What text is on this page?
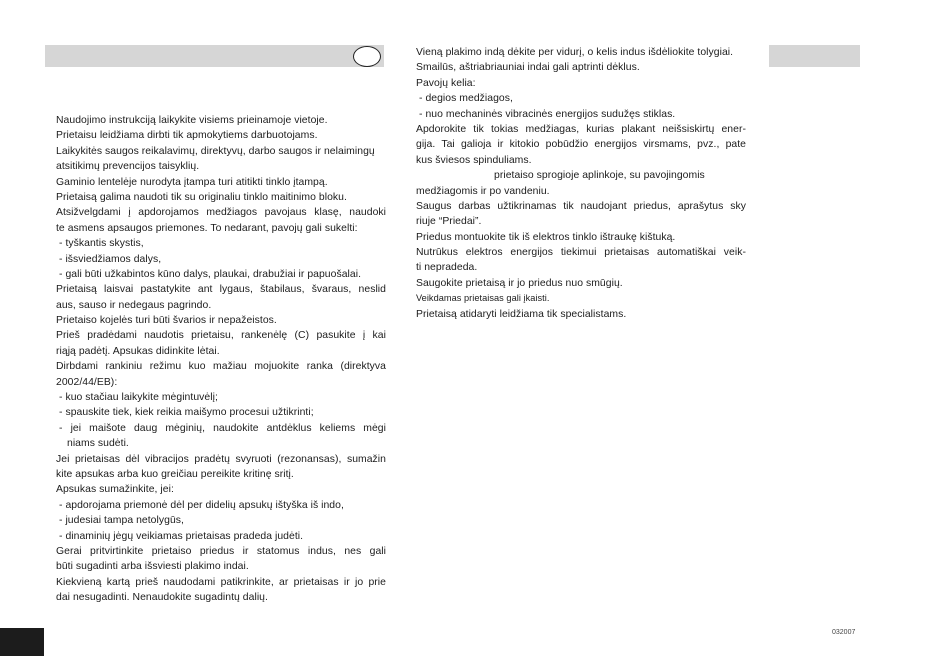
Naudojimo instrukciją laikykite visiems prieinamoje vietoje.
Prietaisu leidžiama dirbti tik apmokytiems darbuotojams.
Laikykitės saugos reikalavimų, direktyvų, darbo saugos ir nelaimingų
atsitikimų prevencijos taisyklių.
Gaminio lentelėje nurodyta įtampa turi atitikti tinklo įtampą.
Prietaisą galima naudoti tik su originaliu tinklo maitinimo bloku.
Atsižvelgdami į apdorojamos medžiagos pavojaus klasę, naudoki
te asmens apsaugos priemones. To nedarant, pavojų gali sukelti:
- tyškantis skystis,
- išsviedžiamos dalys,
- gali būti užkabintos kūno dalys, plaukai, drabužiai ir papuošalai.
Prietaisą laisvai pastatykite ant lygaus, štabilaus, švaraus, neslid
aus, sauso ir nedegaus pagrindo.
Prietaiso kojelės turi būti švarios ir nepažeistos.
Prieš pradėdami naudotis prietaisu, rankenėlę (C) pasukite į kai
riąją padėtį. Apsukas didinkite lėtai.
Dirbdami rankiniu režimu kuo mažiau mojuokite ranka (direktyva
2002/44/EB):
- kuo stačiau laikykite mėgintuvėlį;
- spauskite tiek, kiek reikia maišymo procesui užtikrinti;
- jei maišote daug mėginių, naudokite antdėklus keliems mėgi
niams sudėti.
Jei prietaisas dėl vibracijos pradėtų svyruoti (rezonansas), sumažin
kite apsukas arba kuo greičiau pereikite kritinę sritį.
Apsukas sumažinkite, jei:
- apdorojama priemonė dėl per didelių apsukų ištyška iš indo,
- judesiai tampa netolygūs,
- dinaminių jėgų veikiamas prietaisas pradeda judėti.
Gerai pritvirtinkite prietaiso priedus ir statomus indus, nes gali
būti sugadinti arba išsviesti plakimo indai.
Kiekvieną kartą prieš naudodami patikrinkite, ar prietaisas ir jo prie
dai nesugadinti. Nenaudokite sugadintų dalių.
Vieną plakimo indą dėkite per vidurį, o kelis indus išdėliokite tolygiai.
Smailūs, aštriabriauniai indai gali aptrinti dėklus.
Pavojų kelia:
- degios medžiagos,
- nuo mechaninės vibracinės energijos sudužęs stiklas.
Apdorokite tik tokias medžiagas, kurias plakant neišsiskirtų ener-
gija. Tai galioja ir kitokio pobūdžio energijos virsmams, pvz., pate
kus šviesos spinduliams.
prietaiso sprogioje aplinkoje, su pavojingomis
medžiagomis ir po vandeniu.
Saugus darbas užtikrinamas tik naudojant priedus, aprašytus sky
riuje “Priedai”.
Priedus montuokite tik iš elektros tinklo ištraukę kištuką.
Nutrūkus elektros energijos tiekimui prietaisas automatiškai veik-
ti nepradeda.
Saugokite prietaisą ir jo priedus nuo smūgių.
Veikdamas prietaisas gali įkaisti.
Prietaisą atidaryti leidžiama tik specialistams.
032007
